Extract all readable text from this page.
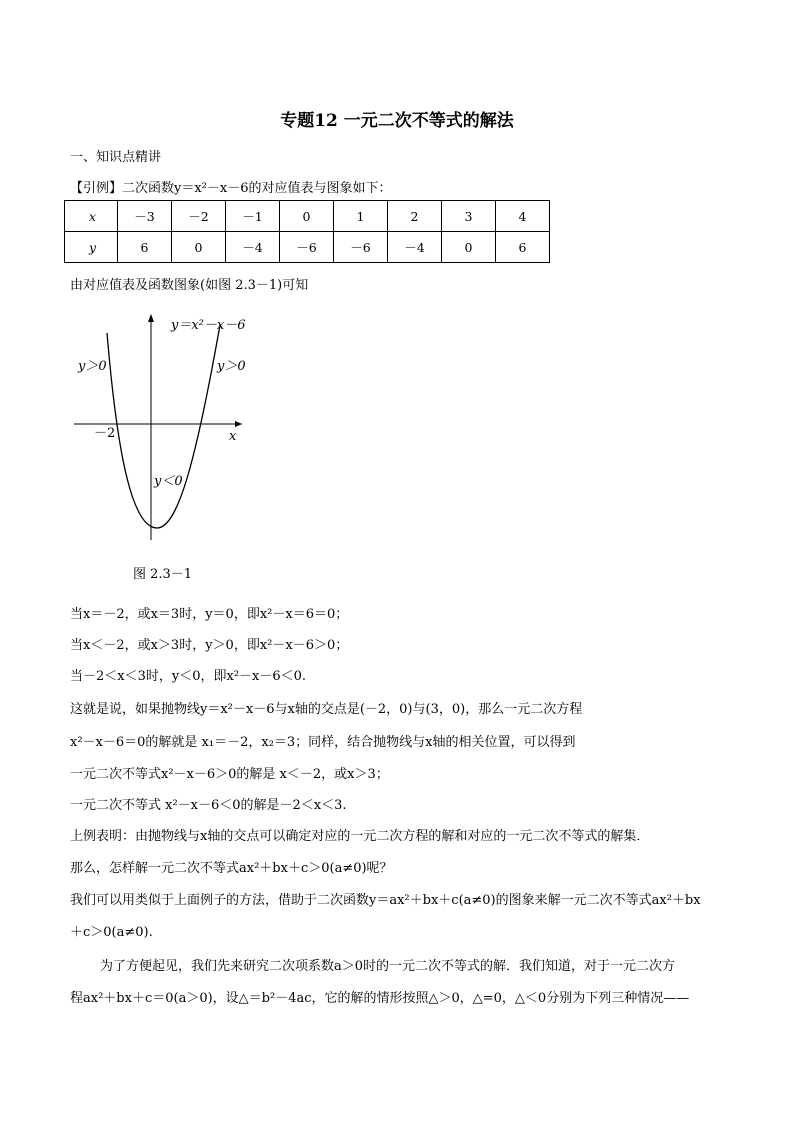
专题12 一元二次不等式的解法
一、知识点精讲
【引例】二次函数y＝x²－x－6的对应值表与图象如下：
x	－3	－2	－1	0	1	2	3	4
y	6	0	－4	－6	－6	－4	0	6
由对应值表及函数图象(如图 2.3－1)可知
y＝x²－x－6
y＞0	y＞0
y＜0
－2	x
图 2.3－1
当x＝－2，或x＝3时，y＝0，即x²－x＝6＝0；
当x＜－2，或x＞3时，y＞0，即x²－x－6＞0；
当－2＜x＜3时，y＜0，即x²－x－6＜0.
这就是说，如果抛物线y＝x²－x－6与x轴的交点是(－2，0)与(3，0)，那么一元二次方程
x²－x－6＝0的解就是 x₁＝－2，x₂＝3；同样，结合抛物线与x轴的相关位置，可以得到
一元二次不等式x²－x－6＞0的解是 x＜－2，或x＞3；
一元二次不等式 x²－x－6＜0的解是－2＜x＜3.
上例表明：由抛物线与x轴的交点可以确定对应的一元二次方程的解和对应的一元二次不等式的解集．
那么，怎样解一元二次不等式ax²＋bx＋c＞0(a≠0)呢？
我们可以用类似于上面例子的方法，借助于二次函数y＝ax²＋bx＋c(a≠0)的图象来解一元二次不等式ax²＋bx
＋c＞0(a≠0).
为了方便起见，我们先来研究二次项系数a＞0时的一元二次不等式的解．我们知道，对于一元二次方
程ax²＋bx＋c＝0(a＞0)，设△＝b²－4ac，它的解的情形按照△＞0，△=0，△＜0分别为下列三种情况——
